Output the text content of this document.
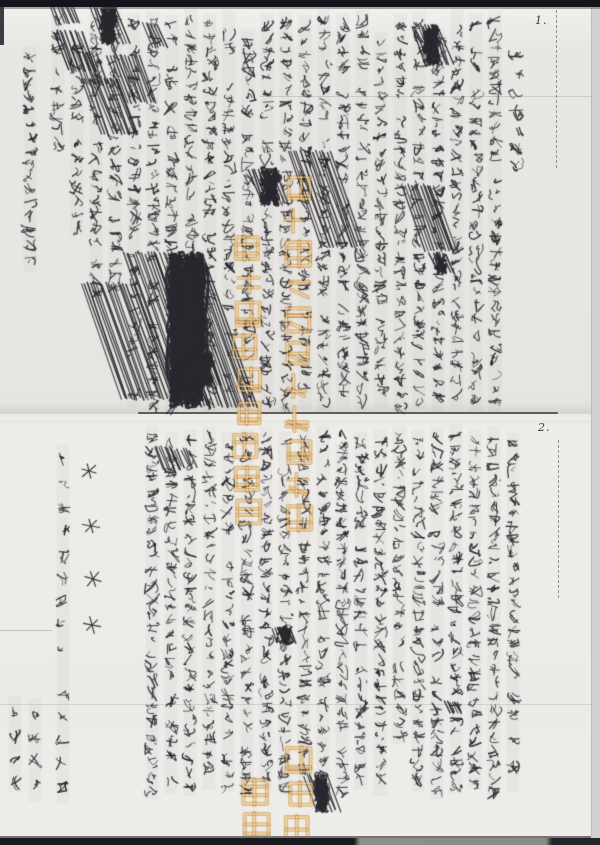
1.
2.
